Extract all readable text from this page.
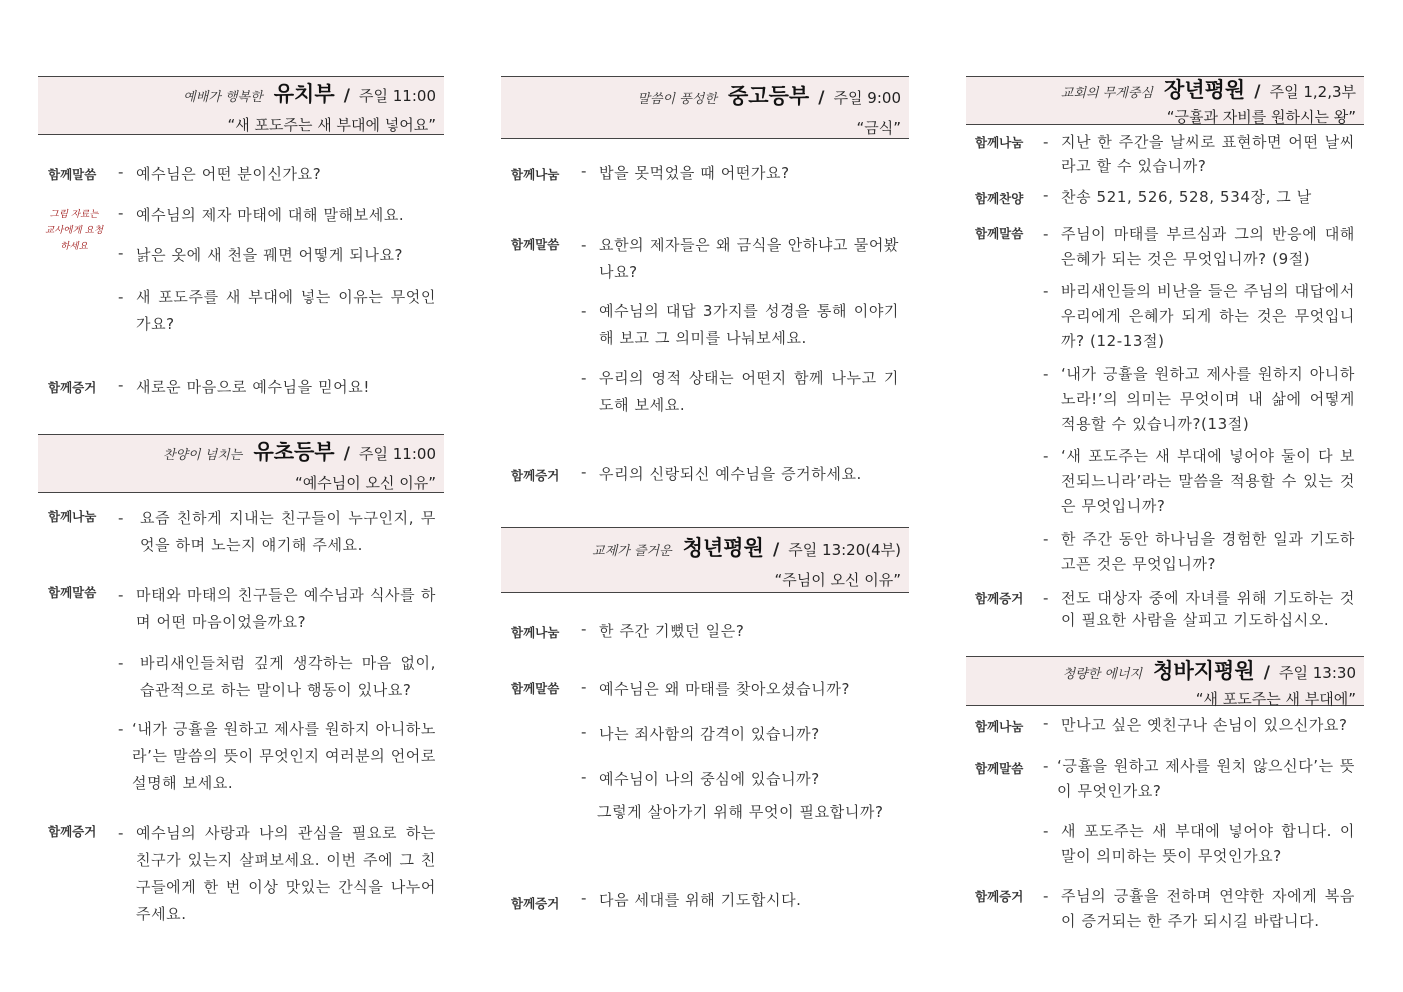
예배가 행복한 유치부 / 주일 11:00
“새 포도주는 새 부대에 넣어요”
함께말씀
그림 자료는 교사에게 요청하세요
함께증거
- 예수님은 어떤 분이신가요?
- 예수님의 제자 마태에 대해 말해보세요.
- 낡은 옷에 새 천을 꿰면 어떻게 되나요?
- 새 포도주를 새 부대에 넣는 이유는 무엇인가요?
- 새로운 마음으로 예수님을 믿어요!
찬양이 넘치는 유초등부 / 주일 11:00
“예수님이 오신 이유”
함께나눔
함께말씀
함께증거
-	요즘 친하게 지내는 친구들이 누구인지, 무엇을 하며 노는지 얘기해 주세요.
- 마태와 마태의 친구들은 예수님과 식사를 하며 어떤 마음이었을까요?
-	바리새인들처럼 깊게 생각하는 마음 없이, 습관적으로 하는 말이나 행동이 있나요?
- ‘내가 긍휼을 원하고 제사를 원하지 아니하노라’는 말씀의 뜻이 무엇인지 여러분의 언어로 설명해 보세요.
- 예수님의 사랑과 나의 관심을 필요로 하는 친구가 있는지 살펴보세요. 이번 주에 그 친구들에게 한 번 이상 맛있는 간식을 나누어 주세요.
말씀이 풍성한 중고등부 / 주일 9:00
“금식”
함께나눔
함께말씀
함께증거
- 밥을 못먹었을 때 어떤가요?
- 요한의 제자들은 왜 금식을 안하냐고 물어봤나요?
- 예수님의 대답 3가지를 성경을 통해 이야기해 보고 그 의미를 나눠보세요.
- 우리의 영적 상태는 어떤지 함께 나누고 기도해 보세요.
- 우리의 신랑되신 예수님을 증거하세요.
교제가 즐거운 청년평원 / 주일 13:20(4부)
“주님이 오신 이유”
함께나눔
함께말씀
함께증거
- 한 주간 기뻤던 일은?
- 예수님은 왜 마태를 찾아오셨습니까?
- 나는 죄사함의 감격이 있습니까?
- 예수님이 나의 중심에 있습니까?
그렇게 살아가기 위해 무엇이 필요합니까?
- 다음 세대를 위해 기도합시다.
교회의 무게중심 장년평원 / 주일 1,2,3부
“긍휼과 자비를 원하시는 왕”
함께나눔
함께찬양
함께말씀
함께증거
- 지난 한 주간을 날씨로 표현하면 어떤 날씨라고 할 수 있습니까?
- 찬송 521, 526, 528, 534장, 그 날
- 주님이 마태를 부르심과 그의 반응에 대해 은혜가 되는 것은 무엇입니까? (9절)
- 바리새인들의 비난을 들은 주님의 대답에서 우리에게 은혜가 되게 하는 것은 무엇입니까? (12-13절)
- ‘내가 긍휼을 원하고 제사를 원하지 아니하노라!’의 의미는 무엇이며 내 삶에 어떻게 적용할 수 있습니까?(13절)
- ‘새 포도주는 새 부대에 넣어야 둘이 다 보전되느니라’라는 말씀을 적용할 수 있는 것은 무엇입니까?
- 한 주간 동안 하나님을 경험한 일과 기도하고픈 것은 무엇입니까?
- 전도 대상자 중에 자녀를 위해 기도하는 것이 필요한 사람을 살피고 기도하십시오.
청량한 에너지 청바지평원 / 주일 13:30
“새 포도주는 새 부대에”
함께나눔
함께말씀
함께증거
- 만나고 싶은 옛친구나 손님이 있으신가요?
- ‘긍휼을 원하고 제사를 원치 않으신다’는 뜻이 무엇인가요?
- 새 포도주는 새 부대에 넣어야 합니다. 이 말이 의미하는 뜻이 무엇인가요?
- 주님의 긍휼을 전하며 연약한 자에게 복음이 증거되는 한 주가 되시길 바랍니다.
